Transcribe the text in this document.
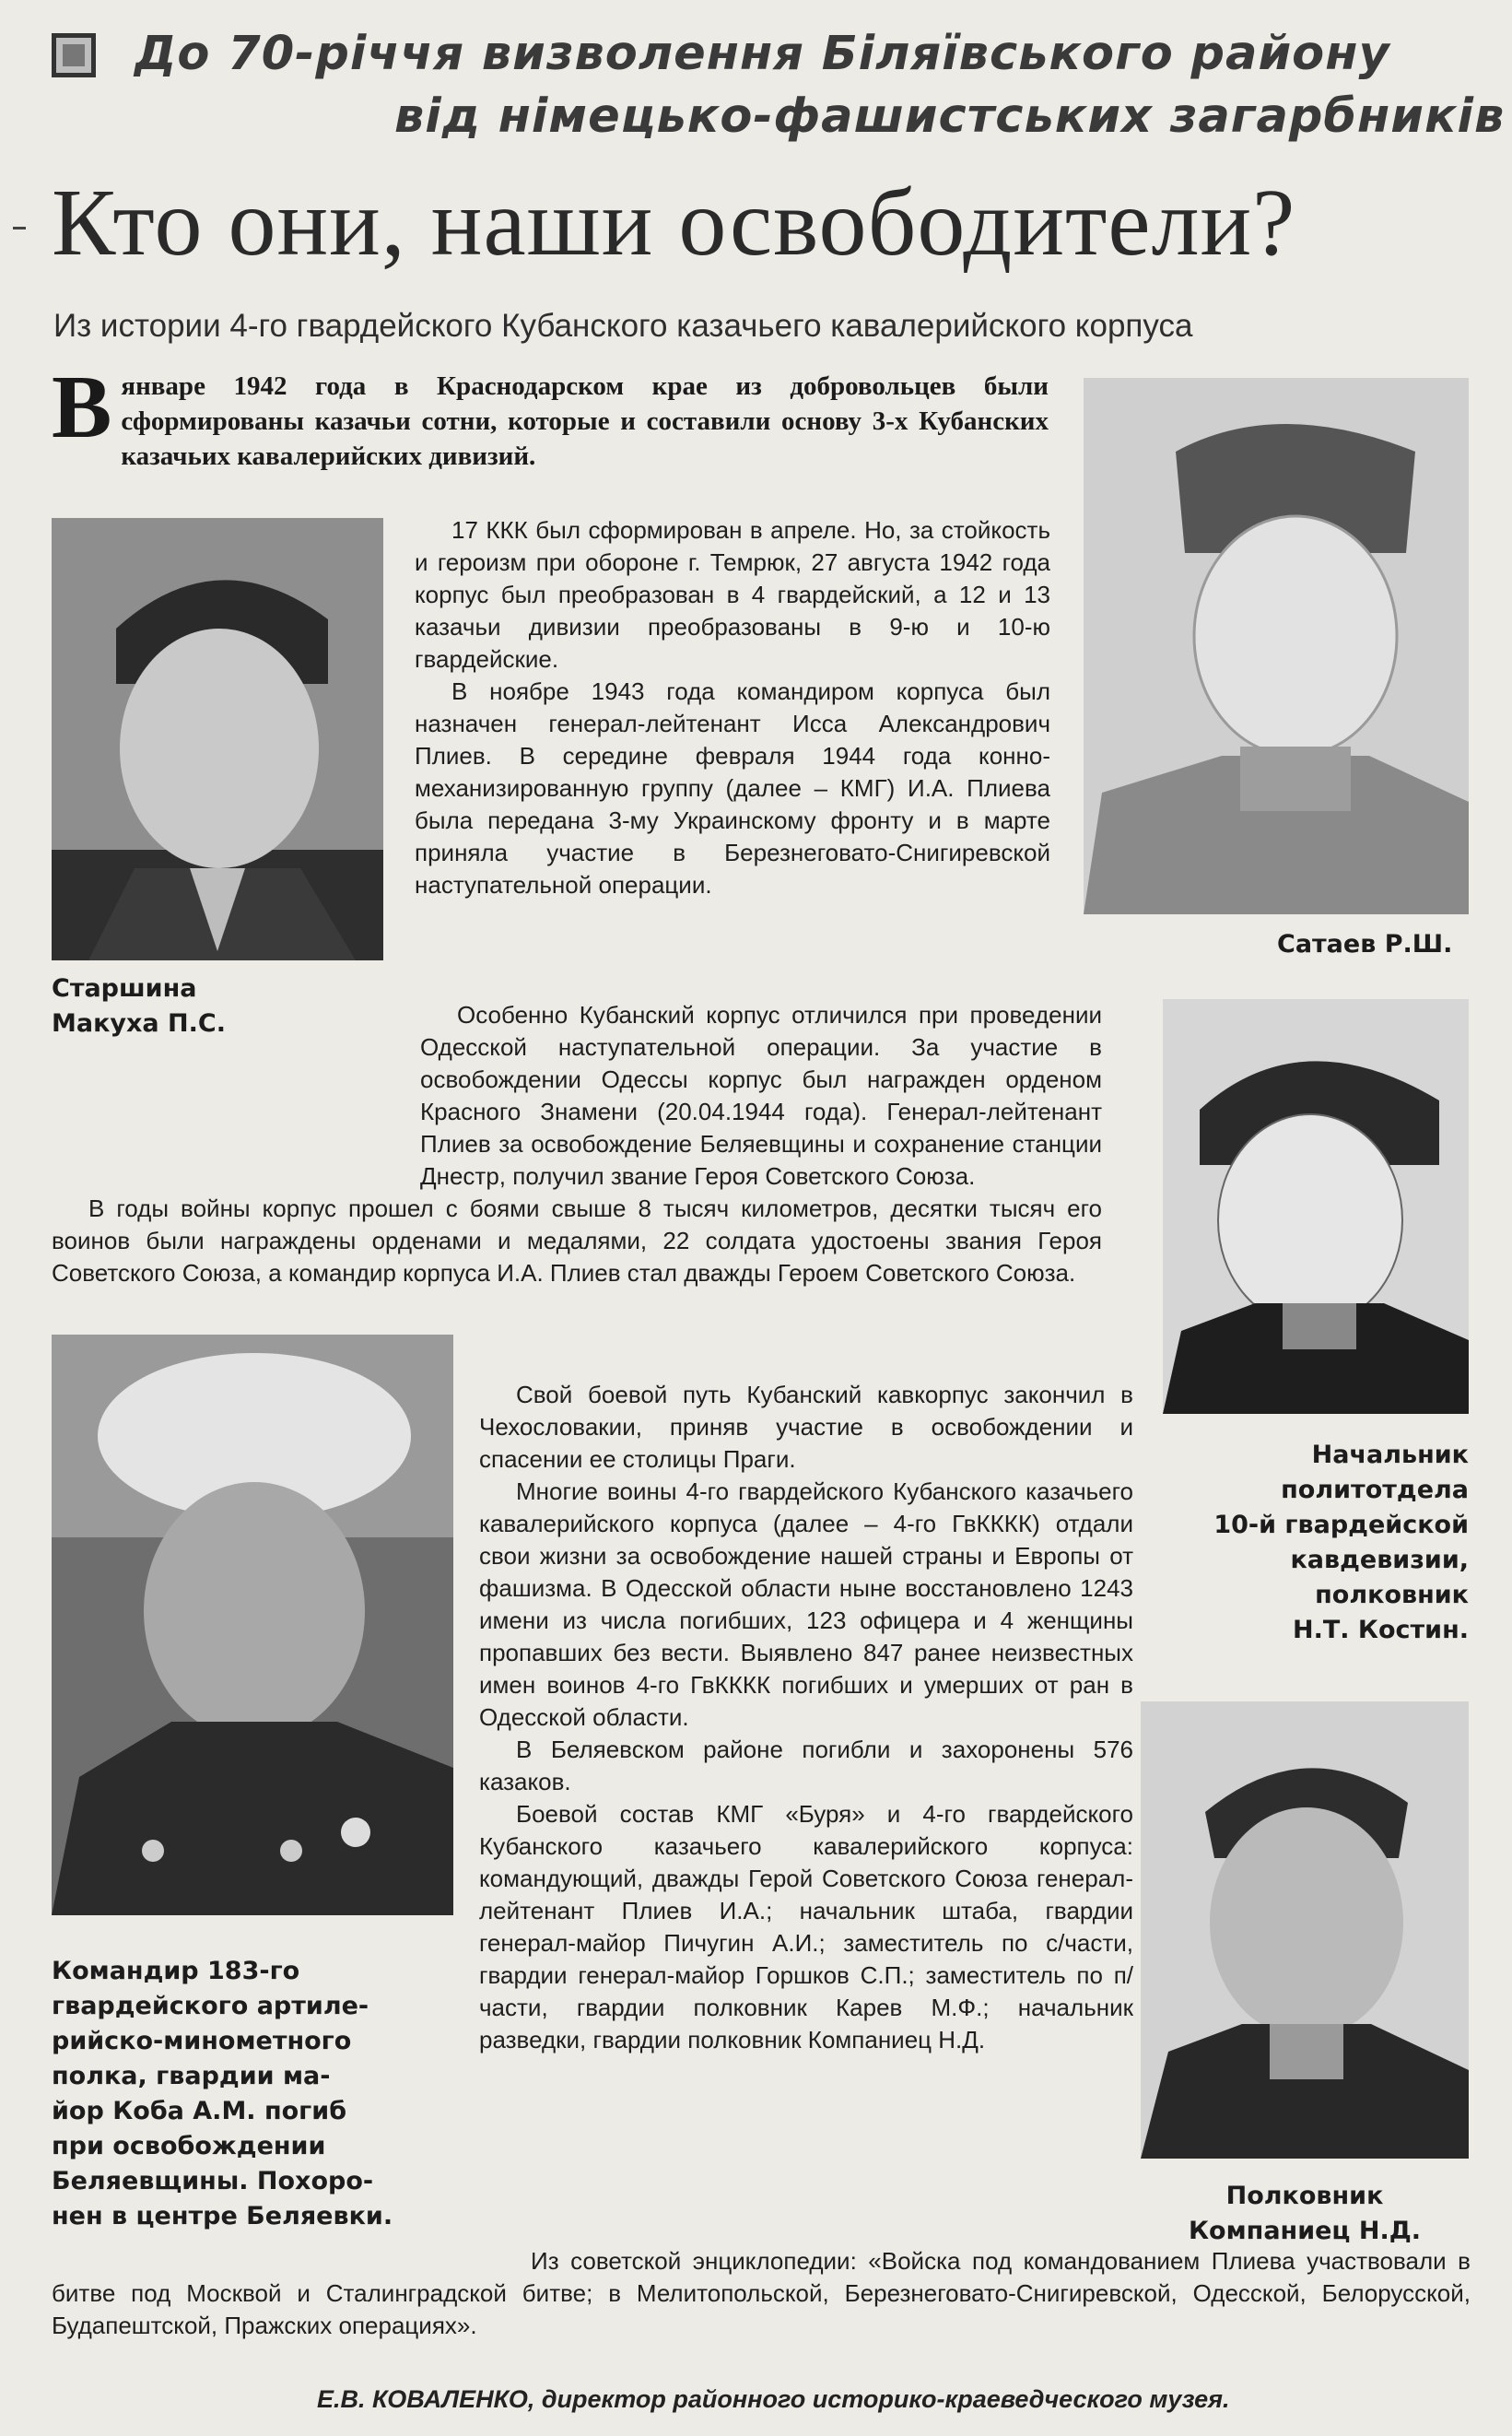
До 70-річчя визволення Біляївського району
від німецько-фашистських загарбників
Кто они, наши освободители?
Из истории 4-го гвардейского Кубанского казачьего кавалерийского корпуса

Вянваре 1942 года в Краснодарском крае из добровольцев были сформированы казачьи сотни, которые и составили основу 3-х Кубанских казачьих кавалерийских дивизий.

Старшина
Макуха П.С.
Сатаев Р.Ш.
Начальник
политотдела
10-й гвардейской
кавдевизии,
полковник
Н.Т. Костин.
Командир 183-го
гвардейского артиле-
рийско-минометного
полка, гвардии ма-
йор Коба А.М. погиб
при освобождении
Беляевщины. Похоро-
нен в центре Беляевки.
Полковник
Компаниец Н.Д.

17 ККК был сформирован в апреле. Но, за стойкость и героизм при обороне г. Темрюк, 27 августа 1942 года корпус был преобразован в 4 гвардейский, а 12 и 13 казачьи дивизии преобразованы в 9-ю и 10-ю гвардейские.

В ноябре 1943 года командиром корпуса был назначен генерал-лейтенант Исса Александрович Плиев. В середине февраля 1944 года конно-механизированную группу (далее – КМГ) И.А. Плиева была передана 3-му Украинскому фронту и в марте приняла участие в Березнеговато-Снигиревской наступательной операции.

Особенно Кубанский корпус отличился при проведении Одесской наступательной операции. За участие в освобождении Одессы корпус был награжден орденом Красного Знамени (20.04.1944 года). Генерал-лейтенант Плиев за освобождение Беляевщины и сохранение станции Днестр, получил звание Героя Советского Союза.

В годы войны корпус прошел с боями свыше 8 тысяч километров, десятки тысяч его воинов были награждены орденами и медалями, 22 солдата удостоены звания Героя Советского Союза, а командир корпуса И.А. Плиев стал дважды Героем Советского Союза.

Свой боевой путь Кубанский кавкорпус закончил в Чехословакии, приняв участие в освобождении и спасении ее столицы Праги.

Многие воины 4-го гвардейского Кубанского казачьего кавалерийского корпуса (далее – 4-го ГвКККК) отдали свои жизни за освобождение нашей страны и Европы от фашизма. В Одесской области ныне восстановлено 1243 имени из числа погибших, 123 офицера и 4 женщины пропавших без вести. Выявлено 847 ранее неизвестных имен воинов 4-го ГвКККК погибших и умерших от ран в Одесской области.

В Беляевском районе погибли и захоронены 576 казаков.

Боевой состав КМГ «Буря» и 4-го гвардейского Кубанского казачьего кавалерийского корпуса: командующий, дважды Герой Советского Союза генерал-лейтенант Плиев И.А.; начальник штаба, гвардии генерал-майор Пичугин А.И.; заместитель по с/части, гвардии генерал-майор Горшков С.П.; заместитель по п/части, гвардии полковник Карев М.Ф.; начальник разведки, гвардии полковник Компаниец Н.Д.

Из советской энциклопедии: «Войска под командованием Плиева участвовали в битве под Москвой и Сталинградской битве; в Мелитопольской, Березнеговато-Снигиревской, Одесской, Белорусской, Будапештской, Пражских операциях».

Е.В. КОВАЛЕНКО, директор районного историко-краеведческого музея.
